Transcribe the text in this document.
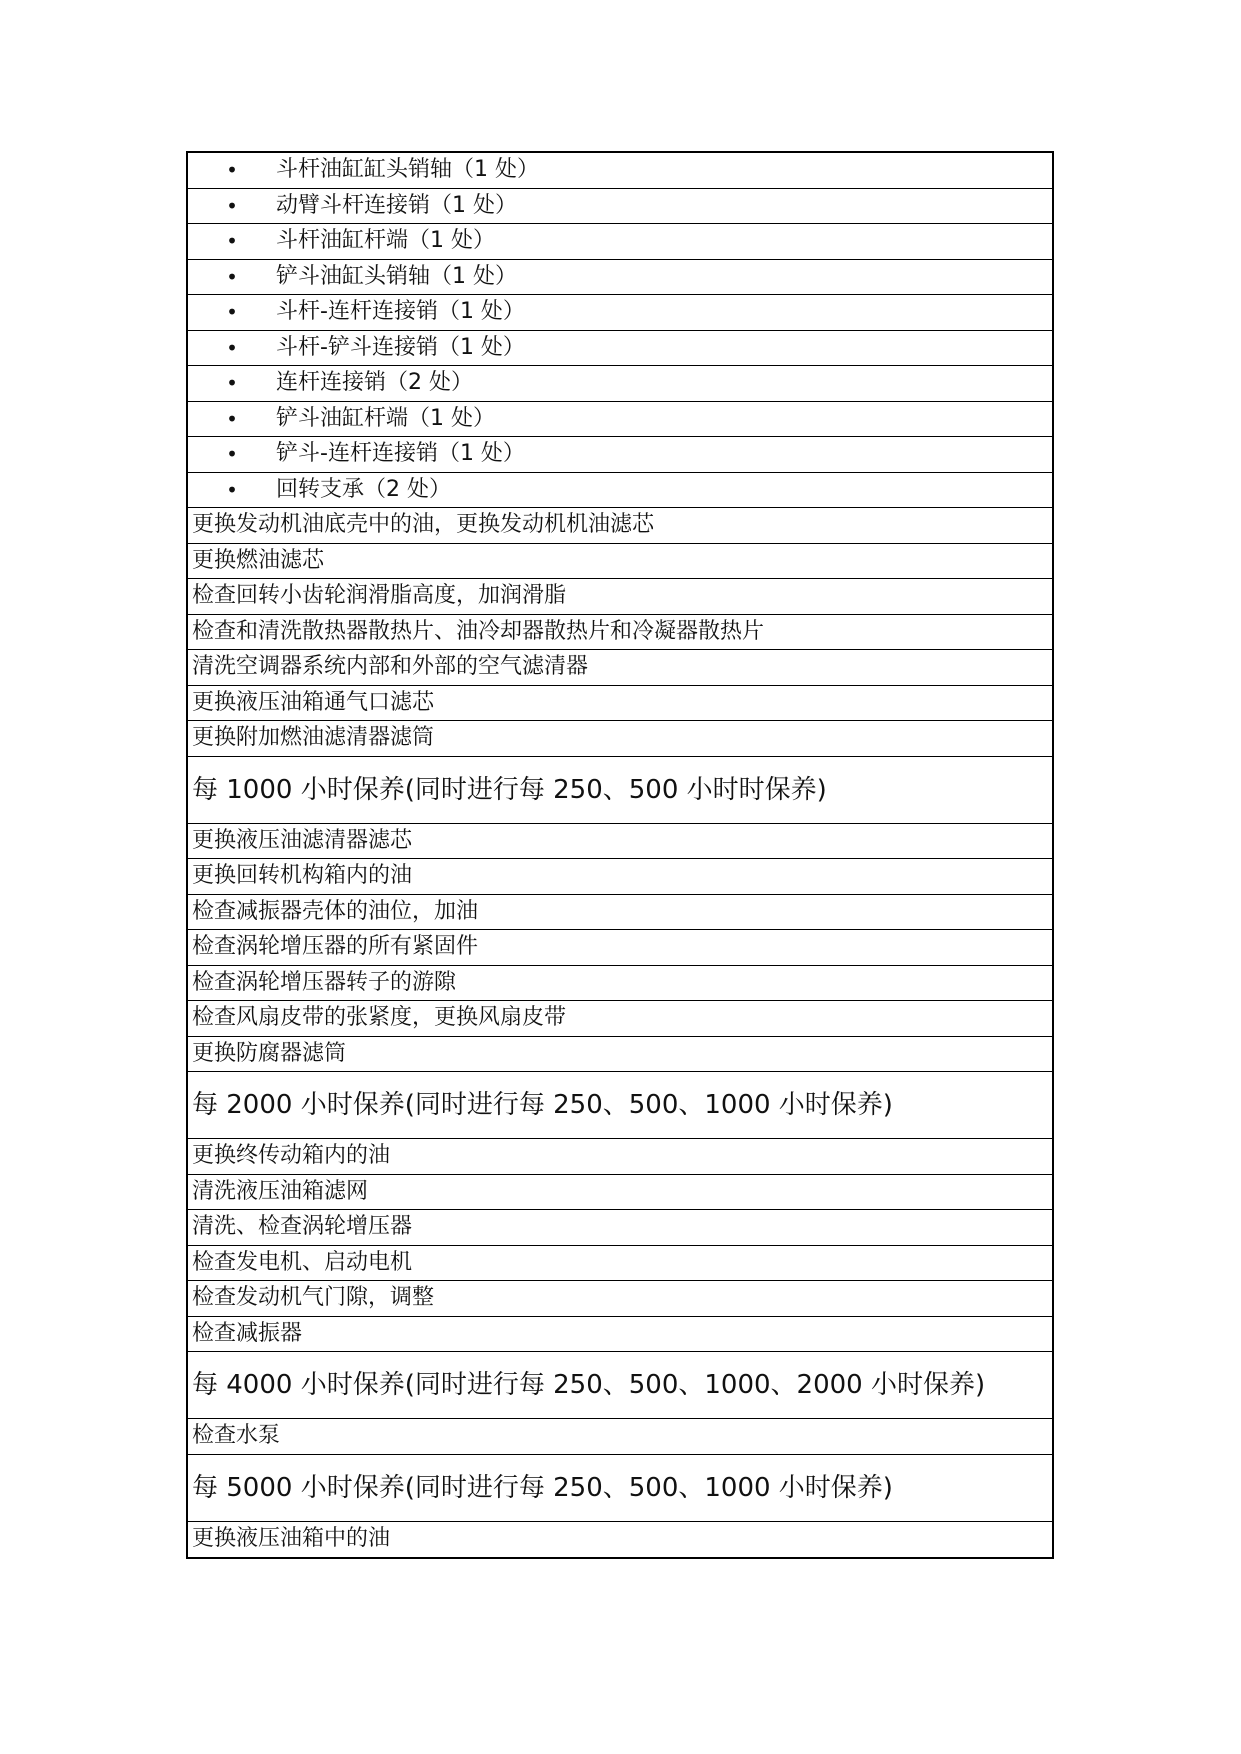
•	斗杆油缸缸头销轴（1 处）
•	动臂斗杆连接销（1 处）
•	斗杆油缸杆端（1 处）
•	铲斗油缸头销轴（1 处）
•	斗杆-连杆连接销（1 处）
•	斗杆-铲斗连接销（1 处）
•	连杆连接销（2 处）
•	铲斗油缸杆端（1 处）
•	铲斗-连杆连接销（1 处）
•	回转支承（2 处）
更换发动机油底壳中的油，更换发动机机油滤芯
更换燃油滤芯
检查回转小齿轮润滑脂高度，加润滑脂
检查和清洗散热器散热片、油冷却器散热片和冷凝器散热片
清洗空调器系统内部和外部的空气滤清器
更换液压油箱通气口滤芯
更换附加燃油滤清器滤筒
每 1000 小时保养(同时进行每 250、500 小时时保养)
更换液压油滤清器滤芯
更换回转机构箱内的油
检查减振器壳体的油位，加油
检查涡轮增压器的所有紧固件
检查涡轮增压器转子的游隙
检查风扇皮带的张紧度，更换风扇皮带
更换防腐器滤筒
每 2000 小时保养(同时进行每 250、500、1000 小时保养)
更换终传动箱内的油
清洗液压油箱滤网
清洗、检查涡轮增压器
检查发电机、启动电机
检查发动机气门隙，调整
检查减振器
每 4000 小时保养(同时进行每 250、500、1000、2000 小时保养)
检查水泵
每 5000 小时保养(同时进行每 250、500、1000 小时保养)
更换液压油箱中的油
